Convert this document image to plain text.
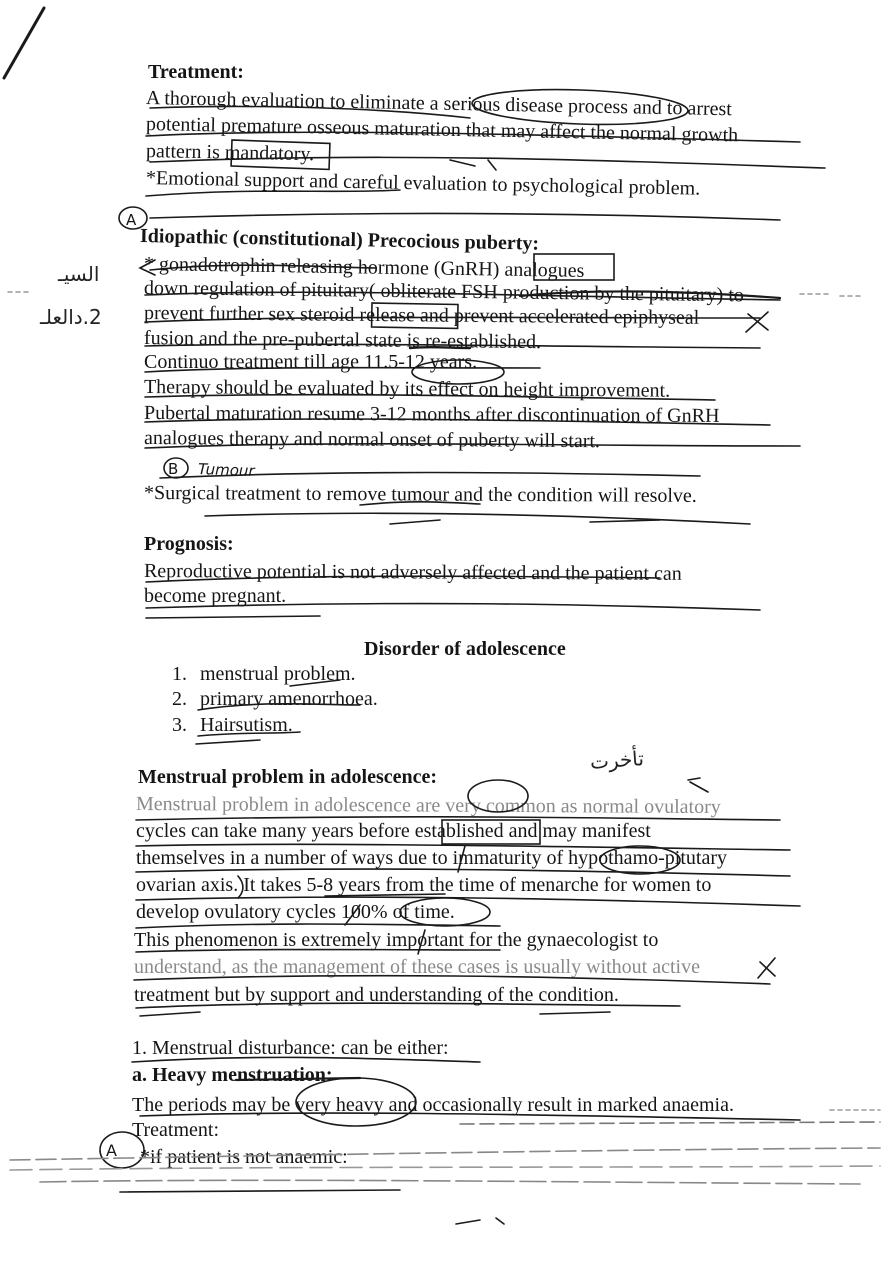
Treatment:
A thorough evaluation to eliminate a serious disease process and to arrest
potential premature osseous maturation that may affect the normal growth
pattern is mandatory.
*Emotional support and careful evaluation to psychological problem.
Idiopathic (constitutional) Precocious puberty:
* gonadotrophin releasing hormone (GnRH) analogues
down regulation of pituitary( obliterate FSH production by the pituitary) to
prevent further sex steroid release and prevent accelerated epiphyseal
fusion and the pre-pubertal state is re-established.
Continuo treatment till age 11.5-12 years.
Therapy should be evaluated by its effect on height improvement.
Pubertal maturation resume 3-12 months after discontinuation of GnRH
analogues therapy and normal onset of puberty will start.
*Surgical treatment to remove tumour and the condition will resolve.
Prognosis:
Reproductive potential is not adversely affected and the patient can
become pregnant.
Disorder of adolescence
1. menstrual problem.
2. primary amenorrhoea.
3. Hairsutism.
Menstrual problem in adolescence:
Menstrual problem in adolescence are very common as normal ovulatory
cycles can take many years before established and may manifest
themselves in a number of ways due to immaturity of hypothamo-pitutary
ovarian axis. It takes 5-8 years from the time of menarche for women to
develop ovulatory cycles 100% of time.
This phenomenon is extremely important for the gynaecologist to
understand, as the management of these cases is usually without active
treatment but by support and understanding of the condition.
1. Menstrual disturbance: can be either:
a. Heavy menstruation:
The periods may be very heavy and occasionally result in marked anaemia.
Treatment:
*if patient is not anaemic:
A
B Tumour
A
السيـ
2.دالعلـ
تأخرت
